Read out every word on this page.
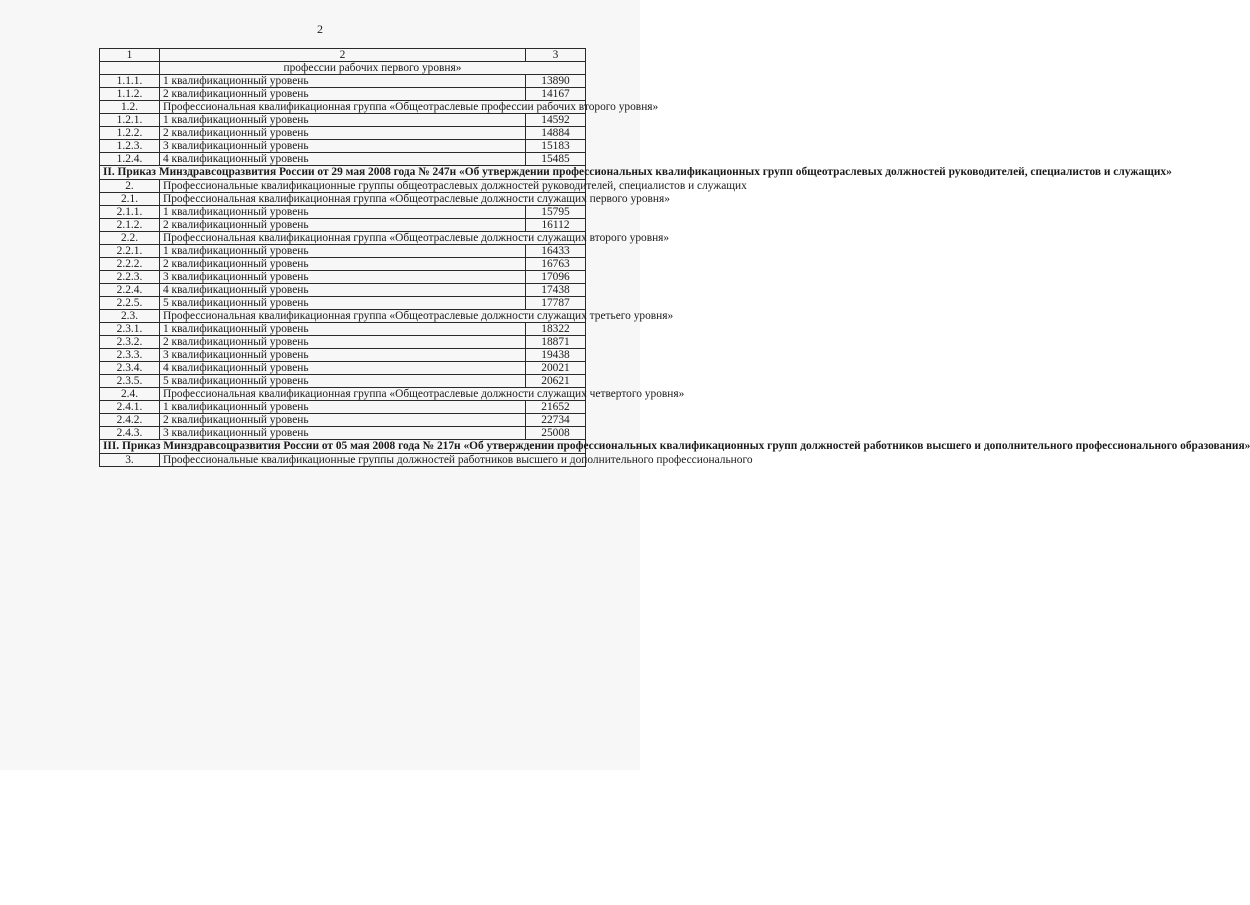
2
1	2	3
	профессии рабочих первого уровня»	
1.1.1.	1 квалификационный уровень	13890
1.1.2.	2 квалификационный уровень	14167
1.2.	Профессиональная квалификационная группа «Общеотраслевые профессии рабочих второго уровня»	
1.2.1.	1 квалификационный уровень	14592
1.2.2.	2 квалификационный уровень	14884
1.2.3.	3 квалификационный уровень	15183
1.2.4.	4 квалификационный уровень	15485
II. Приказ Минздравсоцразвития России от 29 мая 2008 года № 247н «Об утверждении профессиональных квалификационных групп общеотраслевых должностей руководителей, специалистов и служащих»		
2.	Профессиональные квалификационные группы общеотраслевых должностей руководителей, специалистов и служащих	
2.1.	Профессиональная квалификационная группа «Общеотраслевые должности служащих первого уровня»	
2.1.1.	1 квалификационный уровень	15795
2.1.2.	2 квалификационный уровень	16112
2.2.	Профессиональная квалификационная группа «Общеотраслевые должности служащих второго уровня»	
2.2.1.	1 квалификационный уровень	16433
2.2.2.	2 квалификационный уровень	16763
2.2.3.	3 квалификационный уровень	17096
2.2.4.	4 квалификационный уровень	17438
2.2.5.	5 квалификационный уровень	17787
2.3.	Профессиональная квалификационная группа «Общеотраслевые должности служащих третьего уровня»	
2.3.1.	1 квалификационный уровень	18322
2.3.2.	2 квалификационный уровень	18871
2.3.3.	3 квалификационный уровень	19438
2.3.4.	4 квалификационный уровень	20021
2.3.5.	5 квалификационный уровень	20621
2.4.	Профессиональная квалификационная группа «Общеотраслевые должности служащих четвертого уровня»	
2.4.1.	1 квалификационный уровень	21652
2.4.2.	2 квалификационный уровень	22734
2.4.3.	3 квалификационный уровень	25008
III. Приказ Минздравсоцразвития России от 05 мая 2008 года № 217н «Об утверждении профессиональных квалификационных групп должностей работников высшего и дополнительного профессионального образования»		
3.	Профессиональные квалификационные группы должностей работников высшего и дополнительного профессионального	
